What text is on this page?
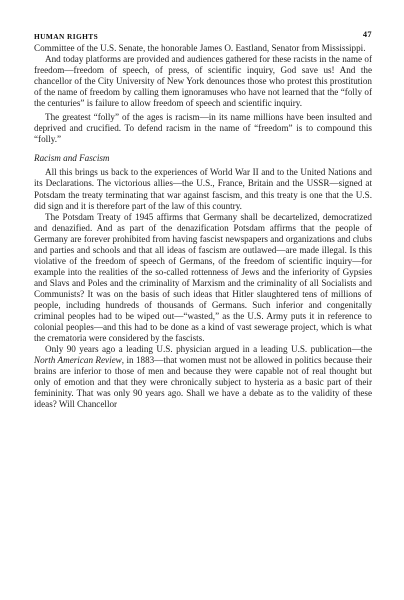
HUMAN RIGHTS	47

Committee of the U.S. Senate, the honorable James O. Eastland, Senator from Mississippi.

And today platforms are provided and audiences gathered for these racists in the name of freedom—freedom of speech, of press, of scientific inquiry, God save us! And the chancellor of the City University of New York denounces those who protest this prostitution of the name of freedom by calling them ignoramuses who have not learned that the “folly of the centuries” is failure to allow freedom of speech and scientific inquiry.

The greatest “folly” of the ages is racism—in its name millions have been insulted and deprived and crucified. To defend racism in the name of “freedom” is to compound this “folly.”

Racism and Fascism

All this brings us back to the experiences of World War II and to the United Nations and its Declarations. The victorious allies—the U.S., France, Britain and the USSR—signed at Potsdam the treaty terminating that war against fascism, and this treaty is one that the U.S. did sign and it is therefore part of the law of this country.

The Potsdam Treaty of 1945 affirms that Germany shall be decartelized, democratized and denazified. And as part of the denazification Potsdam affirms that the people of Germany are forever prohibited from having fascist newspapers and organizations and clubs and parties and schools and that all ideas of fascism are outlawed—are made illegal. Is this violative of the freedom of speech of Germans, of the freedom of scientific inquiry—for example into the realities of the so-called rottenness of Jews and the inferiority of Gypsies and Slavs and Poles and the criminality of Marxism and the criminality of all Socialists and Communists? It was on the basis of such ideas that Hitler slaughtered tens of millions of people, including hundreds of thousands of Germans. Such inferior and congenitally criminal peoples had to be wiped out—“wasted,” as the U.S. Army puts it in reference to colonial peoples—and this had to be done as a kind of vast sewerage project, which is what the crematoria were considered by the fascists.

Only 90 years ago a leading U.S. physician argued in a leading U.S. publication—the North American Review, in 1883—that women must not be allowed in politics because their brains are inferior to those of men and because they were capable not of real thought but only of emotion and that they were chronically subject to hysteria as a basic part of their femininity. That was only 90 years ago. Shall we have a debate as to the validity of these ideas? Will Chancellor
